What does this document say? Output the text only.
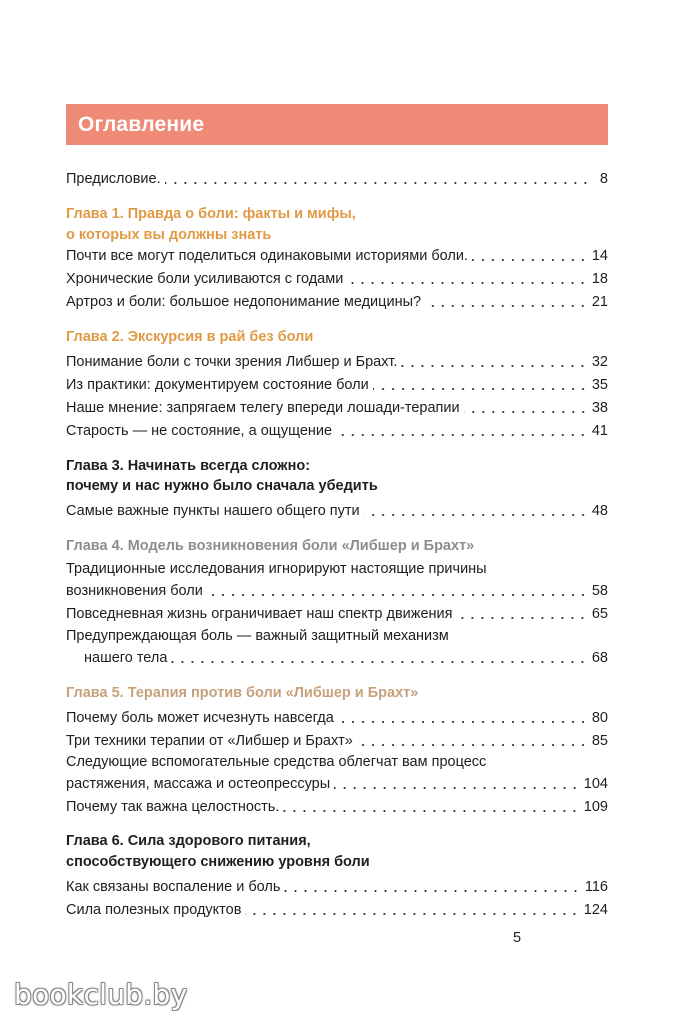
Оглавление
Предисловие.	8
Глава 1. Правда о боли: факты и мифы,
о которых вы должны знать
Почти все могут поделиться одинаковыми историями боли.	14
Хронические боли усиливаются с годами	18
Артроз и боли: большое недопонимание медицины?	21
Глава 2. Экскурсия в рай без боли
Понимание боли с точки зрения Либшер и Брахт.	32
Из практики: документируем состояние боли	35
Наше мнение: запрягаем телегу впереди лошади-терапии	38
Старость — не состояние, а ощущение	41
Глава 3. Начинать всегда сложно:
почему и нас нужно было сначала убедить
Самые важные пункты нашего общего пути	48
Глава 4. Модель возникновения боли «Либшер и Брахт»
Традиционные исследования игнорируют настоящие причины
возникновения боли	58
Повседневная жизнь ограничивает наш спектр движения	65
Предупреждающая боль — важный защитный механизм
нашего тела	68
Глава 5. Терапия против боли «Либшер и Брахт»
Почему боль может исчезнуть навсегда	80
Три техники терапии от «Либшер и Брахт»	85
Следующие вспомогательные средства облегчат вам процесс
растяжения, массажа и остеопрессуры	104
Почему так важна целостность.	109
Глава 6. Сила здорового питания,
способствующего снижению уровня боли
Как связаны воспаление и боль	116
Сила полезных продуктов	124
5
bookclub.by
